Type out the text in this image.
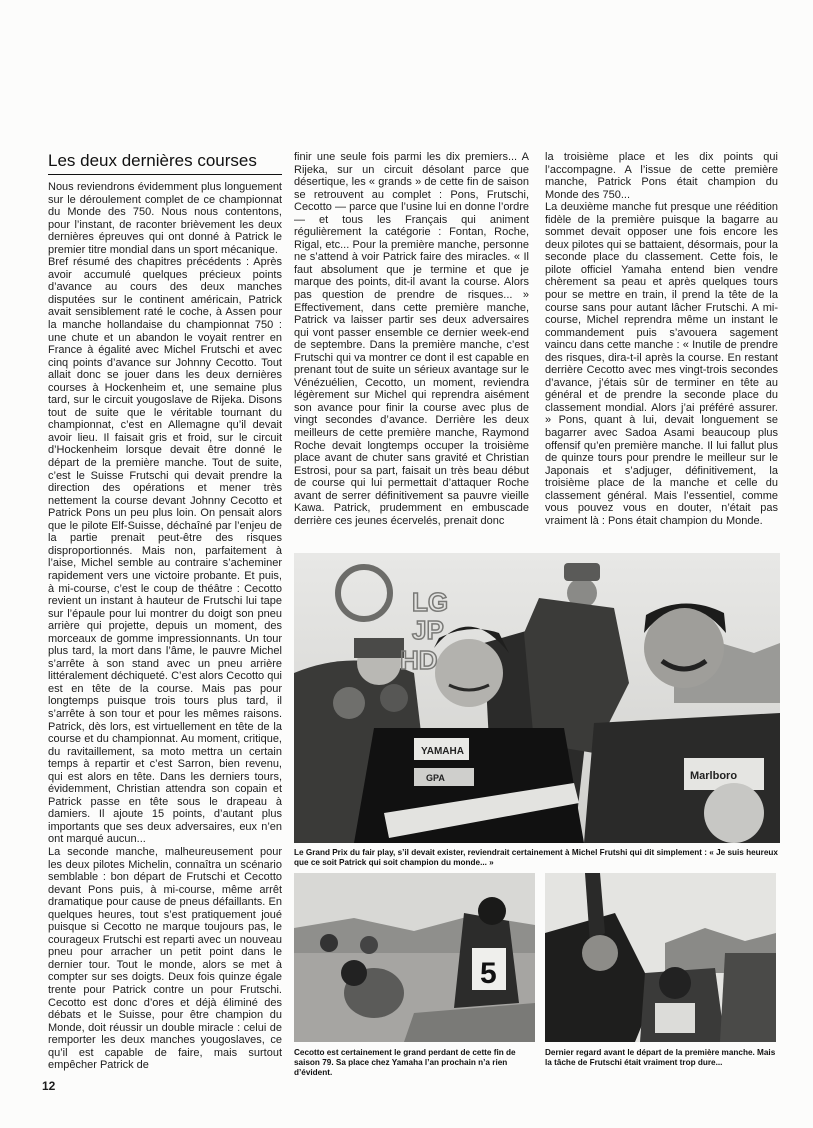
Les deux dernières courses

Nous reviendrons évidemment plus longuement sur le déroulement complet de ce championnat du Monde des 750. Nous nous contentons, pour l’instant, de raconter brièvement les deux dernières épreuves qui ont donné à Patrick le premier titre mondial dans un sport mécanique.

Bref résumé des chapitres précédents : Après avoir accumulé quelques précieux points d’avance au cours des deux manches disputées sur le continent américain, Patrick avait sensiblement raté le coche, à Assen pour la manche hollandaise du championnat 750 : une chute et un abandon le voyait rentrer en France à égalité avec Michel Frutschi et avec cinq points d’avance sur Johnny Cecotto. Tout allait donc se jouer dans les deux dernières courses à Hockenheim et, une semaine plus tard, sur le circuit yougoslave de Rijeka. Disons tout de suite que le véritable tournant du championnat, c’est en Allemagne qu’il devait avoir lieu. Il faisait gris et froid, sur le circuit d’Hockenheim lorsque devait être donné le départ de la première manche. Tout de suite, c’est le Suisse Frutschi qui devait prendre la direction des opérations et mener très nettement la course devant Johnny Cecotto et Patrick Pons un peu plus loin. On pensait alors que le pilote Elf-Suisse, déchaîné par l’enjeu de la partie prenait peut-être des risques disproportionnés. Mais non, parfaitement à l’aise, Michel semble au contraire s’acheminer rapidement vers une victoire probante. Et puis, à mi-course, c’est le coup de théâtre : Cecotto revient un instant à hauteur de Frutschi lui tape sur l’épaule pour lui montrer du doigt son pneu arrière qui projette, depuis un moment, des morceaux de gomme impressionnants. Un tour plus tard, la mort dans l’âme, le pauvre Michel s’arrête à son stand avec un pneu arrière littéralement déchiqueté. C’est alors Cecotto qui est en tête de la course. Mais pas pour longtemps puisque trois tours plus tard, il s’arrête à son tour et pour les mêmes raisons. Patrick, dès lors, est virtuellement en tête de la course et du championnat. Au moment, critique, du ravitaillement, sa moto mettra un certain temps à repartir et c’est Sarron, bien revenu, qui est alors en tête. Dans les derniers tours, évidemment, Christian attendra son copain et Patrick passe en tête sous le drapeau à damiers. Il ajoute 15 points, d’autant plus importants que ses deux adversaires, eux n’en ont marqué aucun...

La seconde manche, malheureusement pour les deux pilotes Michelin, connaîtra un scénario semblable : bon départ de Frutschi et Cecotto devant Pons puis, à mi-course, même arrêt dramatique pour cause de pneus défaillants. En quelques heures, tout s’est pratiquement joué puisque si Cecotto ne marque toujours pas, le courageux Frutschi est reparti avec un nouveau pneu pour arracher un petit point dans le dernier tour. Tout le monde, alors se met à compter sur ses doigts. Deux fois quinze égale trente pour Patrick contre un pour Frutschi. Cecotto est donc d’ores et déjà éliminé des débats et le Suisse, pour être champion du Monde, doit réussir un double miracle : celui de remporter les deux manches yougoslaves, ce qu’il est capable de faire, mais surtout empêcher Patrick de

finir une seule fois parmi les dix premiers... A Rijeka, sur un circuit désolant parce que désertique, les « grands » de cette fin de saison se retrouvent au complet : Pons, Frutschi, Cecotto — parce que l’usine lui en donne l’ordre — et tous les Français qui animent régulièrement la catégorie : Fontan, Roche, Rigal, etc... Pour la première manche, personne ne s’attend à voir Patrick faire des miracles. « Il faut absolument que je termine et que je marque des points, dit-il avant la course. Alors pas question de prendre de risques... » Effectivement, dans cette première manche, Patrick va laisser partir ses deux adversaires qui vont passer ensemble ce dernier week-end de septembre. Dans la première manche, c’est Frutschi qui va montrer ce dont il est capable en prenant tout de suite un sérieux avantage sur le Vénézuélien, Cecotto, un moment, reviendra légèrement sur Michel qui reprendra aisément son avance pour finir la course avec plus de vingt secondes d’avance. Derrière les deux meilleurs de cette première manche, Raymond Roche devait longtemps occuper la troisième place avant de chuter sans gravité et Christian Estrosi, pour sa part, faisait un très beau début de course qui lui permettait d’attaquer Roche avant de serrer définitivement sa pauvre vieille Kawa. Patrick, prudemment en embuscade derrière ces jeunes écervelés, prenait donc

la troisième place et les dix points qui l’accompagne. A l’issue de cette première manche, Patrick Pons était champion du Monde des 750...

La deuxième manche fut presque une réédition fidèle de la première puisque la bagarre au sommet devait opposer une fois encore les deux pilotes qui se battaient, désormais, pour la seconde place du classement. Cette fois, le pilote officiel Yamaha entend bien vendre chèrement sa peau et après quelques tours pour se mettre en train, il prend la tête de la course sans pour autant lâcher Frutschi. A mi-course, Michel reprendra même un instant le commandement puis s’avouera sagement vaincu dans cette manche : « Inutile de prendre des risques, dira-t-il après la course. En restant derrière Cecotto avec mes vingt-trois secondes d’avance, j’étais sûr de terminer en tête au général et de prendre la seconde place du classement mondial. Alors j’ai préféré assurer. » Pons, quant à lui, devait longuement se bagarrer avec Sadoa Asami beaucoup plus offensif qu’en première manche. Il lui fallut plus de quinze tours pour prendre le meilleur sur le Japonais et s’adjuger, définitivement, la troisième place de la manche et celle du classement général. Mais l’essentiel, comme vous pouvez vous en douter, n’était pas vraiment là : Pons était champion du Monde.

LG
JP
HD
YAMAHA
GPA	Marlboro

Le Grand Prix du fair play, s’il devait exister, reviendrait certainement à Michel Frutshi qui dit simplement : « Je suis heureux que ce soit Patrick qui soit champion du monde... »

5

Cecotto est certainement le grand perdant de cette fin de saison 79. Sa place chez Yamaha l’an prochain n’a rien d’évident.

Dernier regard avant le départ de la première manche. Mais la tâche de Frutschi était vraiment trop dure...

12
